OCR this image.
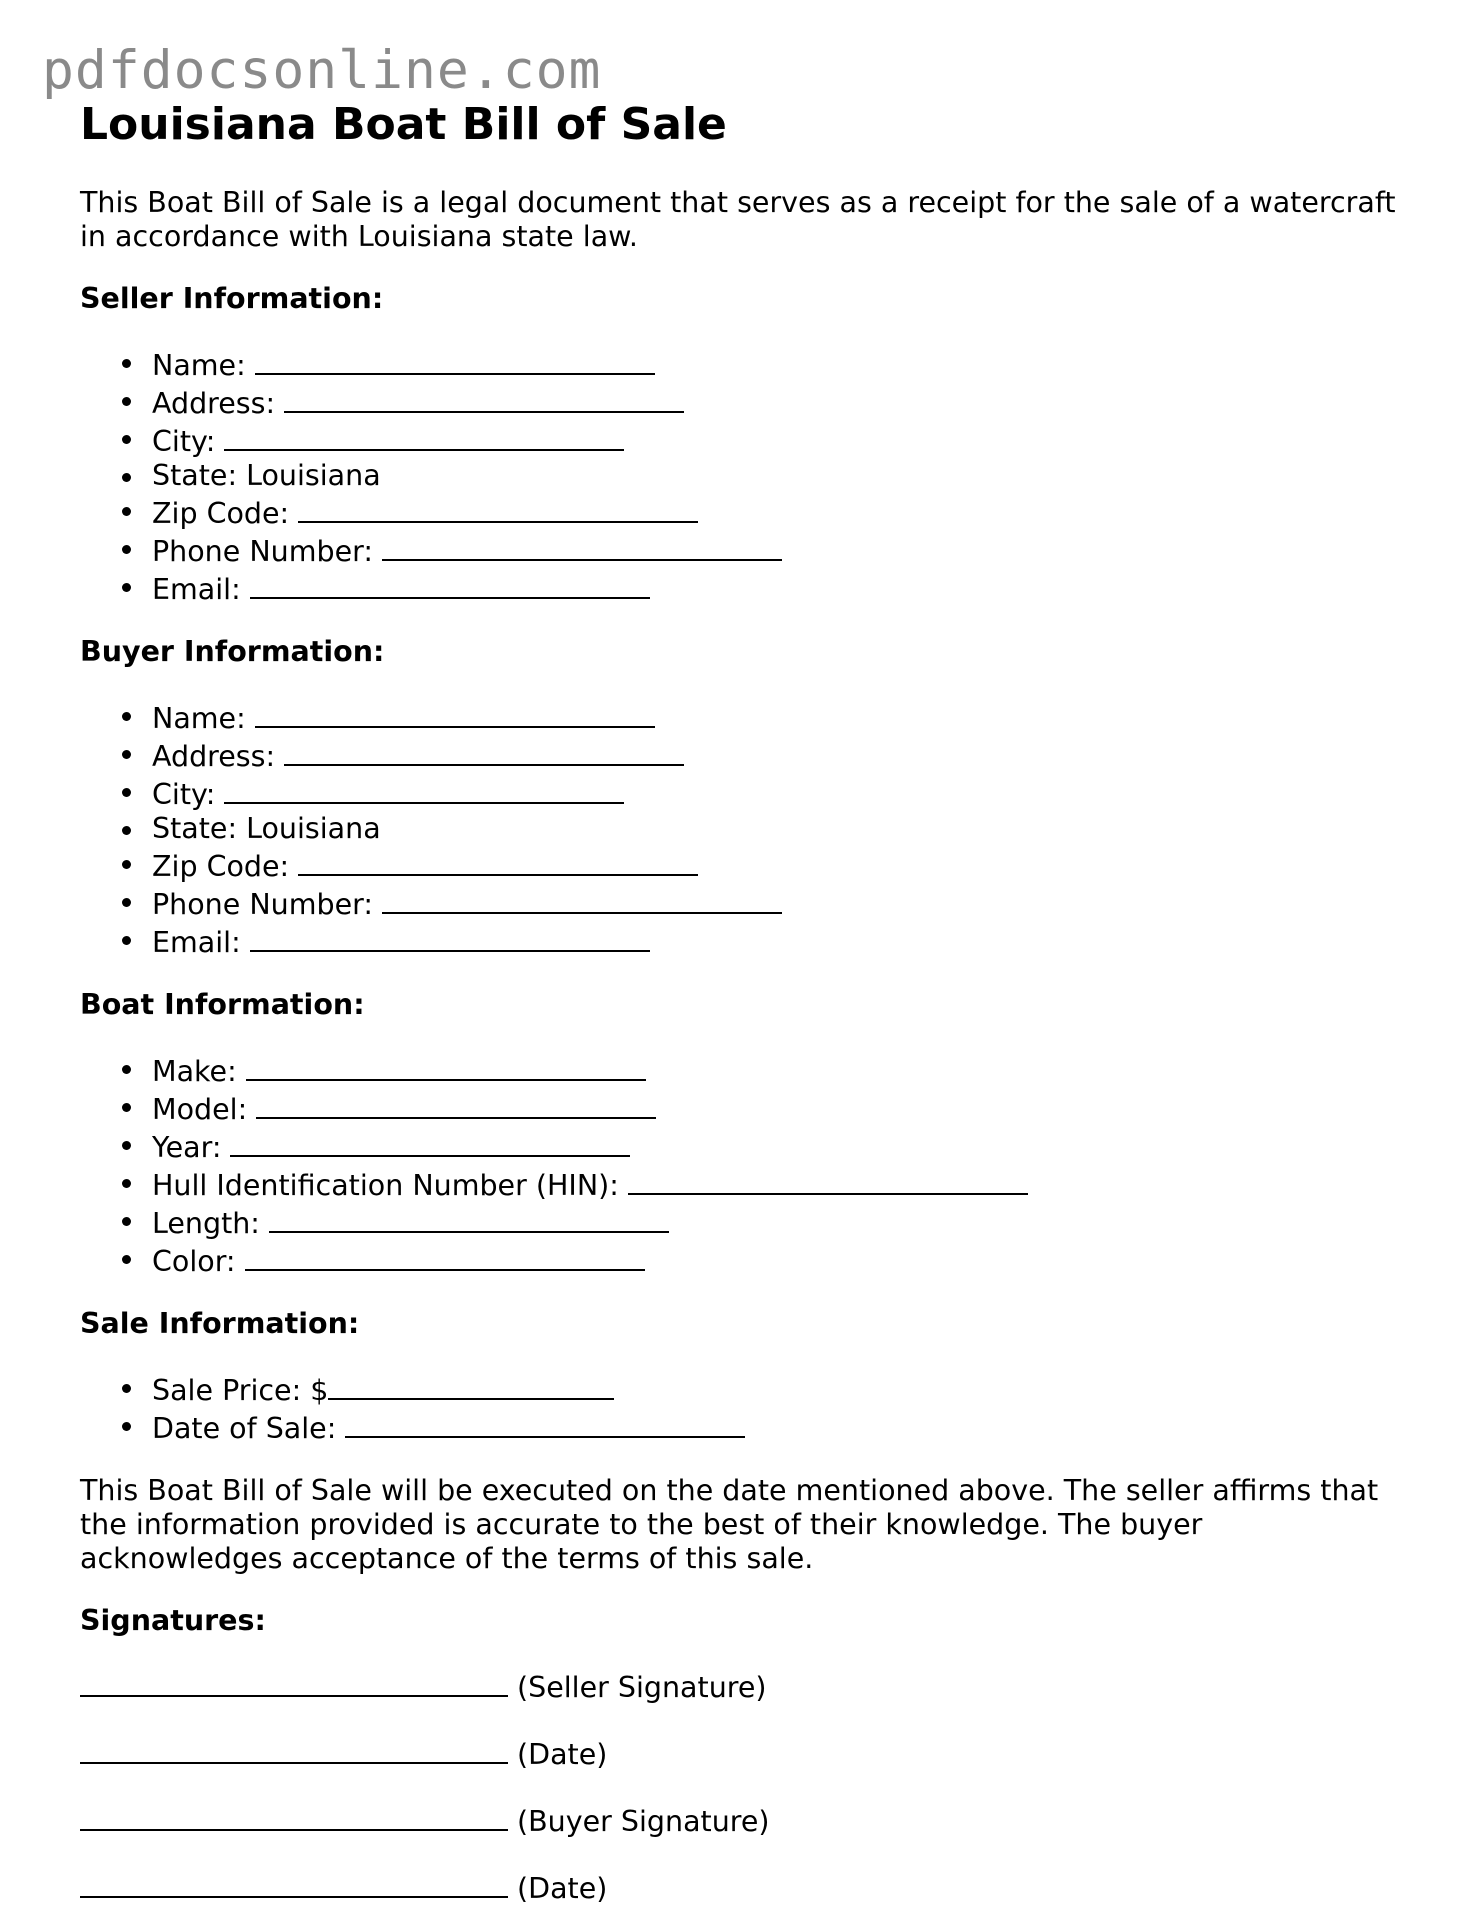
pdfdocsonline.com
Louisiana Boat Bill of Sale

This Boat Bill of Sale is a legal document that serves as a receipt for the sale of a watercraft in accordance with Louisiana state law.

Seller Information:
Name:
Address:
City:
State: Louisiana
Zip Code:
Phone Number:
Email:
Buyer Information:
Name:
Address:
City:
State: Louisiana
Zip Code:
Phone Number:
Email:
Boat Information:
Make:
Model:
Year:
Hull Identification Number (HIN):
Length:
Color:
Sale Information:
Sale Price: $
Date of Sale:

This Boat Bill of Sale will be executed on the date mentioned above. The seller affirms that the information provided is accurate to the best of their knowledge. The buyer acknowledges acceptance of the terms of this sale.

Signatures:
(Seller Signature)
(Date)
(Buyer Signature)
(Date)
